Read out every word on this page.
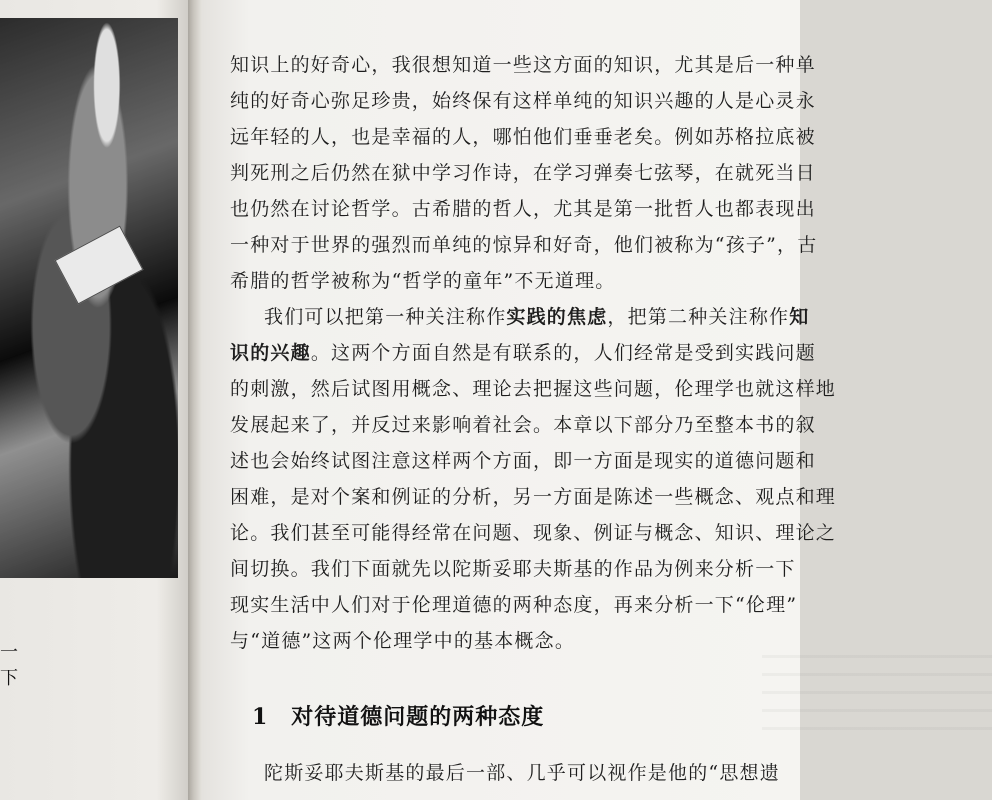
一
下
知识上的好奇心，我很想知道一些这方面的知识，尤其是后一种单
纯的好奇心弥足珍贵，始终保有这样单纯的知识兴趣的人是心灵永
远年轻的人，也是幸福的人，哪怕他们垂垂老矣。例如苏格拉底被
判死刑之后仍然在狱中学习作诗，在学习弹奏七弦琴，在就死当日
也仍然在讨论哲学。古希腊的哲人，尤其是第一批哲人也都表现出
一种对于世界的强烈而单纯的惊异和好奇，他们被称为“孩子”，古
希腊的哲学被称为“哲学的童年”不无道理。
我们可以把第一种关注称作实践的焦虑，把第二种关注称作知
识的兴趣。这两个方面自然是有联系的，人们经常是受到实践问题
的刺激，然后试图用概念、理论去把握这些问题，伦理学也就这样地
发展起来了，并反过来影响着社会。本章以下部分乃至整本书的叙
述也会始终试图注意这样两个方面，即一方面是现实的道德问题和
困难，是对个案和例证的分析，另一方面是陈述一些概念、观点和理
论。我们甚至可能得经常在问题、现象、例证与概念、知识、理论之
间切换。我们下面就先以陀斯妥耶夫斯基的作品为例来分析一下
现实生活中人们对于伦理道德的两种态度，再来分析一下“伦理”
与“道德”这两个伦理学中的基本概念。
1　对待道德问题的两种态度
陀斯妥耶夫斯基的最后一部、几乎可以视作是他的“思想遗
